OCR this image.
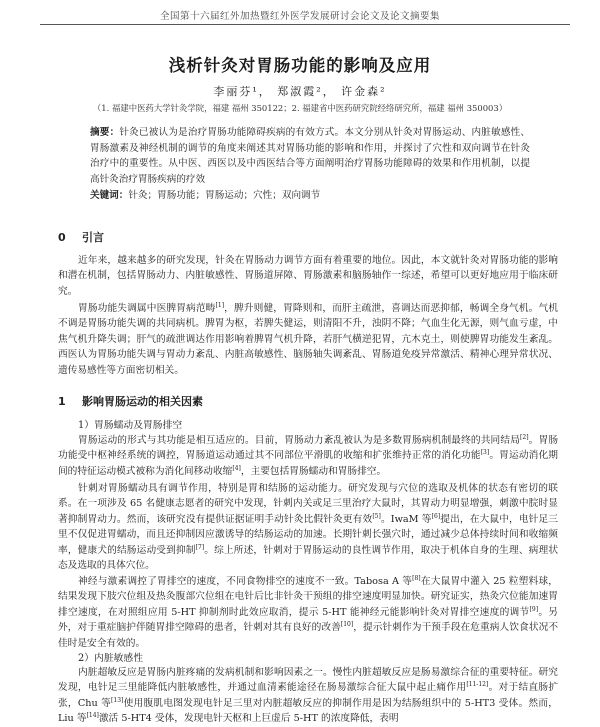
全国第十六届红外加热暨红外医学发展研讨会论文及论文摘要集
浅析针灸对胃肠功能的影响及应用
李丽芬¹， 郑淑霞²， 许金森²
（1. 福建中医药大学针灸学院，福建 福州 350122；2. 福建省中医药研究院经络研究所，福建 福州 350003）
摘要：针灸已被认为是治疗胃肠功能障碍疾病的有效方式。本文分别从针灸对胃肠运动、内脏敏感性、胃肠激素及神经机制的调节的角度来阐述其对胃肠功能的影响和作用，并探讨了穴性和双向调节在针灸治疗中的重要性。从中医、西医以及中西医结合等方面阐明治疗胃肠功能障碍的效果和作用机制，以提高针灸治疗胃肠疾病的疗效
关键词：针灸；胃肠功能；胃肠运动；穴性；双向调节
0 引言
近年来，越来越多的研究发现，针灸在胃肠动力调节方面有着重要的地位。因此，本文就针灸对胃肠功能的影响和潜在机制，包括胃肠动力、内脏敏感性、胃肠道屏障、胃肠激素和脑肠轴作一综述，希望可以更好地应用于临床研究。
胃肠功能失调属中医脾胃病范畴[1]，脾升则健，胃降则和，而肝主疏泄，喜调达而恶抑郁，畅调全身气机。气机不调是胃肠功能失调的共同病机。脾胃为枢，若脾失健运，则清阳不升，浊阴不降；气血生化无源，则气血亏虚，中焦气机升降失调；肝气的疏泄调达作用影响着脾胃气机升降，若肝气横逆犯胃，亢木克土，则使脾胃功能发生紊乱。西医认为胃肠功能失调与胃动力紊乱、内脏高敏感性、脑肠轴失调紊乱、胃肠道免疫异常激活、精神心理异常状况、遗传易感性等方面密切相关。
1 影响胃肠运动的相关因素
1）胃肠蠕动及胃肠排空
胃肠运动的形式与其功能是相互适应的。目前，胃肠动力紊乱被认为是多数胃肠病机制最终的共同结局[2]。胃肠功能受中枢神经系统的调控，胃肠道运动通过其不同部位平滑肌的收缩和扩张维持正常的消化功能[3]。胃运动消化期间的特征运动模式被称为消化间移动收缩[4]，主要包括胃肠蠕动和胃肠排空。
针刺对胃肠蠕动具有调节作用，特别是胃和结肠的运动能力。研究发现与穴位的选取及机体的状态有密切的联系。在一项涉及 65 名健康志愿者的研究中发现，针刺内关或足三里治疗大鼠时，其胃动力明显增强，刺激中脘时显著抑制胃动力。然而，该研究没有提供证据证明手动针灸比假针灸更有效[5]。IwaM 等[6]提出，在大鼠中，电针足三里不仅促进胃蠕动，而且还抑制因应激诱导的结肠运动的加速。长期针刺长强穴时，通过减少总体持续时间和收缩频率，健康犬的结肠运动受到抑制[7]。综上所述，针刺对于胃肠运动的良性调节作用，取决于机体自身的生理、病理状态及选取的具体穴位。
神经与激素调控了胃排空的速度，不同食物排空的速度不一致。Tabosa A 等[8]在大鼠胃中灌入 25 粒塑料球，结果发现下肢穴位组及热灸腹部穴位组在电针后比非针灸干预组的排空速度明显加快。研究证实，热灸穴位能加速胃排空速度，在对照组应用 5-HT 抑制剂时此效应取消，提示 5-HT 能神经元能影响针灸对胃排空速度的调节[9]。另外，对于重症脑护伴随胃排空障碍的患者，针刺对其有良好的改善[10]，提示针刺作为干预手段在危重病人饮食状况不佳时是安全有效的。
2）内脏敏感性
内脏超敏反应是胃肠内脏疼痛的发病机制和影响因素之一。慢性内脏超敏反应是肠易激综合征的重要特征。研究发现，电针足三里能降低内脏敏感性，并通过血清素能途径在肠易激综合征大鼠中起止痛作用[11-12]。对于结直肠扩张，Chu 等[13]使用腹肌电图发现电针足三里对内脏超敏反应的抑制作用是因为结肠组织中的 5-HT3 受体。然而，Liu 等[14]激活 5-HT4 受体，发现电针天枢和上巨虚后 5-HT 的浓度降低，表明
